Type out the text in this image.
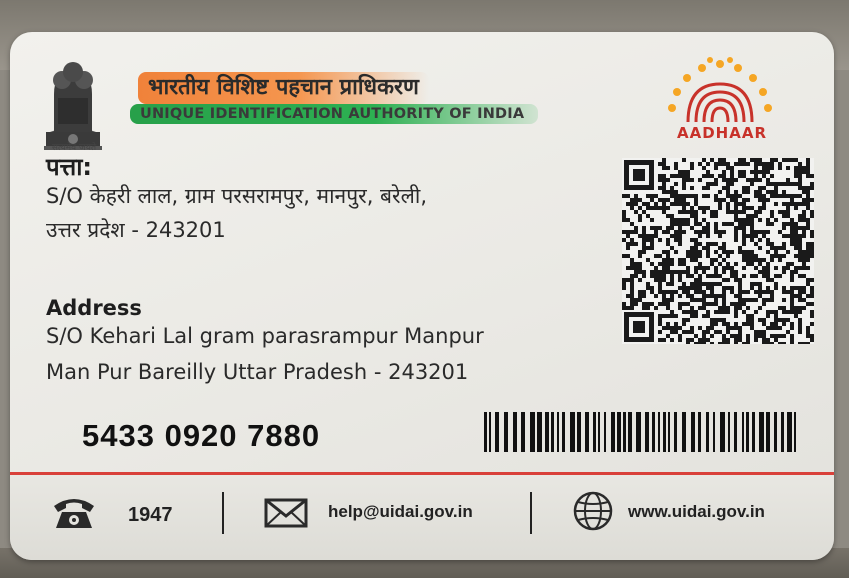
सत्यमेव जयते
भारतीय विशिष्ट पहचान प्राधिकरण
UNIQUE IDENTIFICATION AUTHORITY OF INDIA
AADHAAR
पत्ता:
S/O केहरी लाल, ग्राम परसरामपुर, मानपुर, बरेली,
उत्तर प्रदेश - 243201
Address
S/O Kehari Lal gram parasrampur Manpur
Man Pur Bareilly Uttar Pradesh - 243201
5433 0920 7880
1947	help@uidai.gov.in	www.uidai.gov.in
